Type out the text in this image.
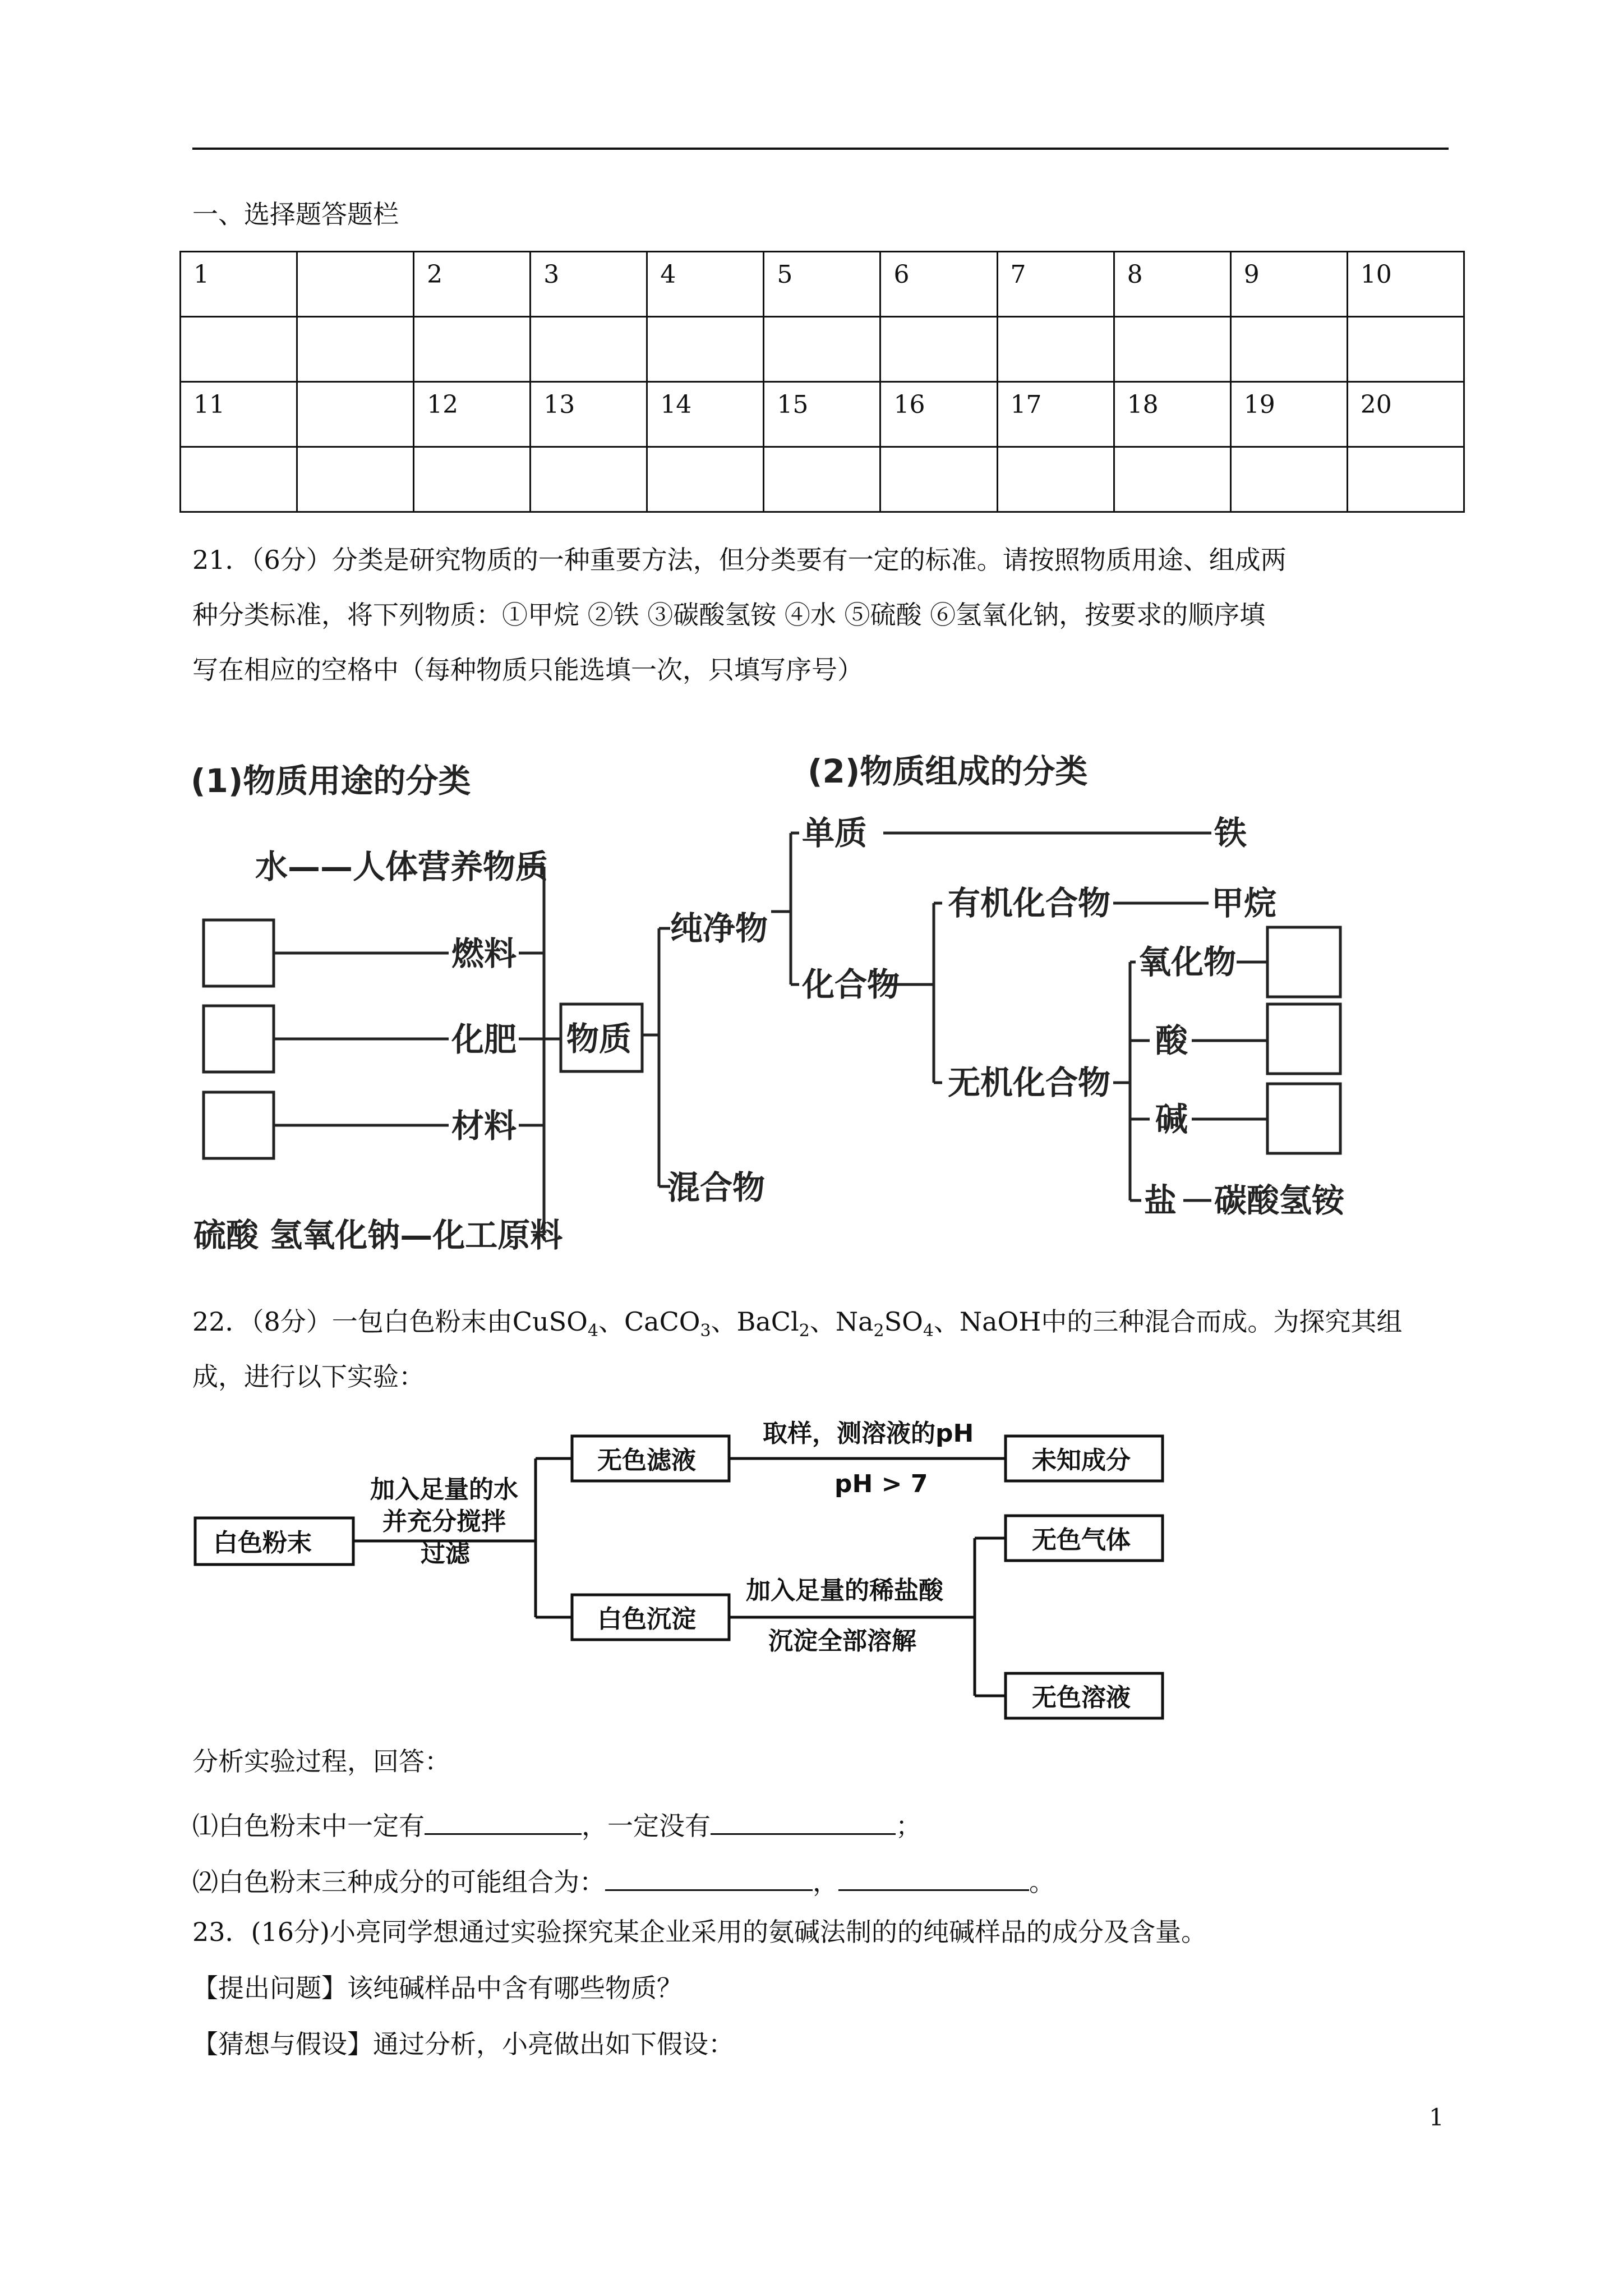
一、选择题答题栏
1		2	3	4	5	6	7	8	9	10

11		12	13	14	15	16	17	18	19	20

21．（6分）分类是研究物质的一种重要方法，但分类要有一定的标准。请按照物质用途、组成两
种分类标准，将下列物质：①甲烷 ②铁 ③碳酸氢铵 ④水 ⑤硫酸 ⑥氢氧化钠，按要求的顺序填
写在相应的空格中（每种物质只能选填一次，只填写序号）
(1)物质用途的分类	(2)物质组成的分类
水——人体营养物质
燃料
化肥
材料
硫酸 氢氧化钠—化工原料
物质
纯净物
混合物
单质	铁
化合物
有机化合物	甲烷
无机化合物
氧化物
酸
碱
盐 碳酸氢铵
22．（8分）一包白色粉末由CuSO$_4$、CaCO$_3$、BaCl$_2$、$Na_2SO_4$、NaOH中的三种混合而成。为探究其组
成，进行以下实验：
白色粉末
加入足量的水
并充分搅拌
过滤
无色滤液
取样，测溶液的pH
pH > 7
未知成分
白色沉淀
加入足量的稀盐酸
沉淀全部溶解
无色气体
无色溶液
分析实验过程，回答：
⑴白色粉末中一定有	，一定没有	；
⑵白色粉末三种成分的可能组合为：	，	。
23．(16分)小亮同学想通过实验探究某企业采用的氨碱法制的的纯碱样品的成分及含量。
【提出问题】该纯碱样品中含有哪些物质？
【猜想与假设】通过分析，小亮做出如下假设：
1
